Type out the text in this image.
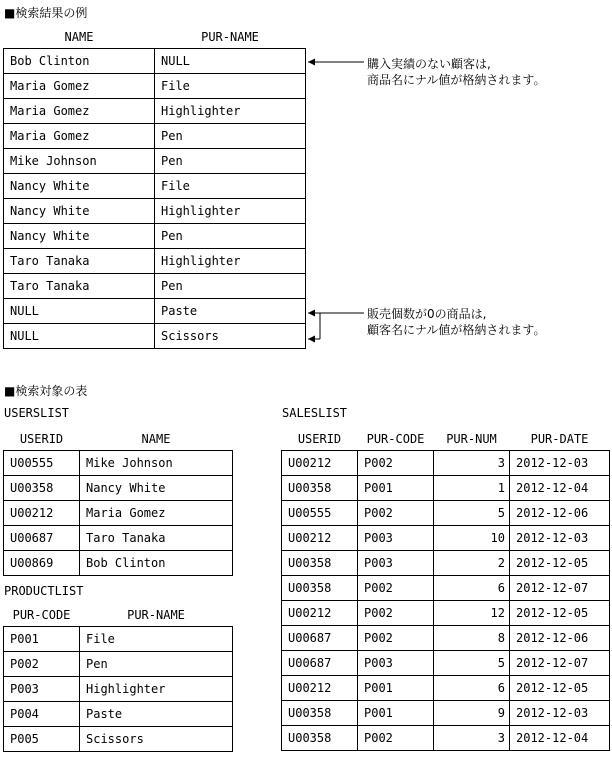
■検索結果の例
NAME	PUR-NAME
Bob Clinton	NULL
Maria Gomez	File
Maria Gomez	Highlighter
Maria Gomez	Pen
Mike Johnson	Pen
Nancy White	File
Nancy White	Highlighter
Nancy White	Pen
Taro Tanaka	Highlighter
Taro Tanaka	Pen
NULL	Paste
NULL	Scissors
購入実績のない顧客は,
商品名にナル値が格納されます。
販売個数が0の商品は,
顧客名にナル値が格納されます。
■検索対象の表
USERSLIST
USERID	NAME
U00555	Mike Johnson
U00358	Nancy White
U00212	Maria Gomez
U00687	Taro Tanaka
U00869	Bob Clinton
PRODUCTLIST
PUR-CODE	PUR-NAME
P001	File
P002	Pen
P003	Highlighter
P004	Paste
P005	Scissors
SALESLIST
USERID	PUR-CODE	PUR-NUM	PUR-DATE
U00212	P002	3	2012-12-03
U00358	P001	1	2012-12-04
U00555	P002	5	2012-12-06
U00212	P003	10	2012-12-03
U00358	P003	2	2012-12-05
U00358	P002	6	2012-12-07
U00212	P002	12	2012-12-05
U00687	P002	8	2012-12-06
U00687	P003	5	2012-12-07
U00212	P001	6	2012-12-05
U00358	P001	9	2012-12-03
U00358	P002	3	2012-12-04
